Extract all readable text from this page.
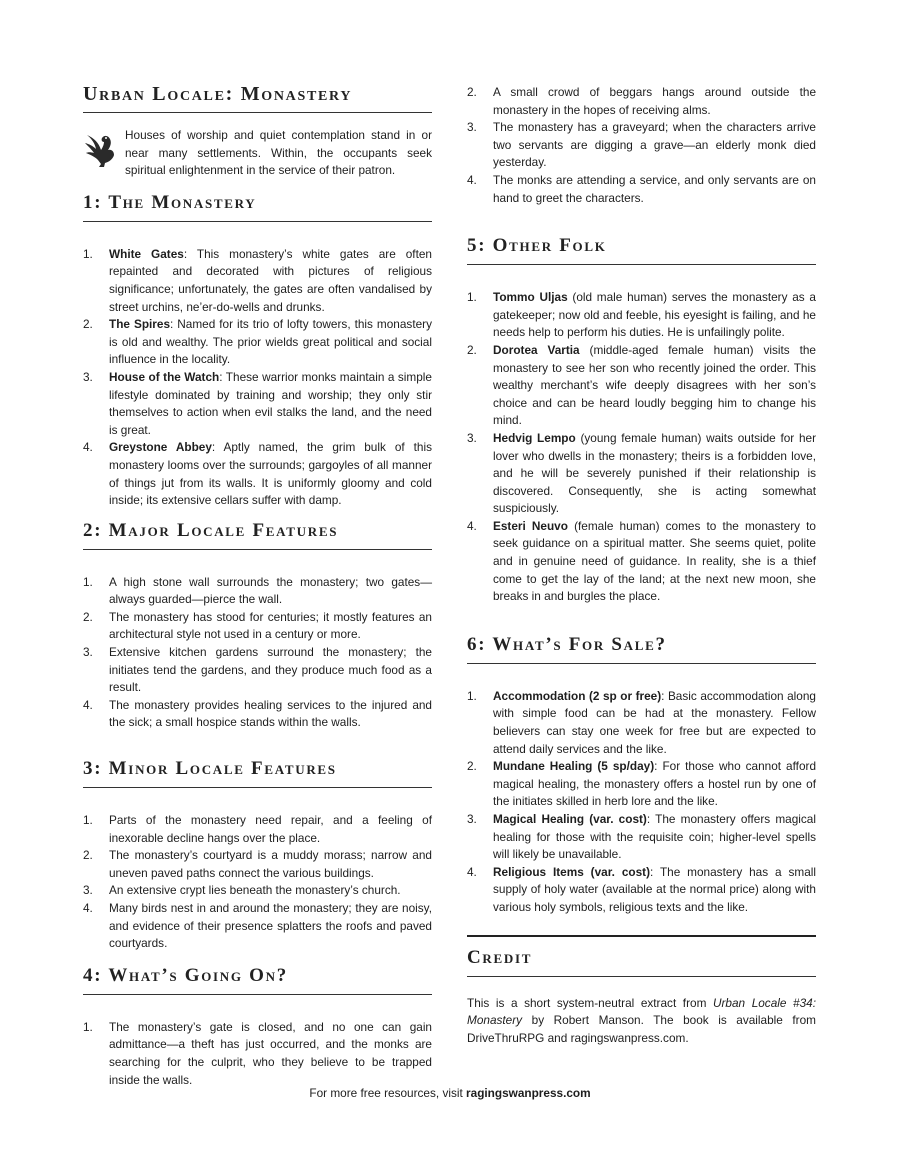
Urban Locale: Monastery

Houses of worship and quiet contemplation stand in or near many settlements. Within, the occupants seek spiritual enlightenment in the service of their patron.

1: The Monastery
1. White Gates: This monastery’s white gates are often repainted and decorated with pictures of religious significance; unfortunately, the gates are often vandalised by street urchins, ne’er-do-wells and drunks.
2. The Spires: Named for its trio of lofty towers, this monastery is old and wealthy. The prior wields great political and social influence in the locality.
3. House of the Watch: These warrior monks maintain a simple lifestyle dominated by training and worship; they only stir themselves to action when evil stalks the land, and the need is great.
4. Greystone Abbey: Aptly named, the grim bulk of this monastery looms over the surrounds; gargoyles of all manner of things jut from its walls. It is uniformly gloomy and cold inside; its extensive cellars suffer with damp.
2: Major Locale Features
1. A high stone wall surrounds the monastery; two gates—always guarded—pierce the wall.
2. The monastery has stood for centuries; it mostly features an architectural style not used in a century or more.
3. Extensive kitchen gardens surround the monastery; the initiates tend the gardens, and they produce much food as a result.
4. The monastery provides healing services to the injured and the sick; a small hospice stands within the walls.
3: Minor Locale Features
1. Parts of the monastery need repair, and a feeling of inexorable decline hangs over the place.
2. The monastery’s courtyard is a muddy morass; narrow and uneven paved paths connect the various buildings.
3. An extensive crypt lies beneath the monastery’s church.
4. Many birds nest in and around the monastery; they are noisy, and evidence of their presence splatters the roofs and paved courtyards.
4: What’s Going On?
1. The monastery’s gate is closed, and no one can gain admittance—a theft has just occurred, and the monks are searching for the culprit, who they believe to be trapped inside the walls.
2. A small crowd of beggars hangs around outside the monastery in the hopes of receiving alms.
3. The monastery has a graveyard; when the characters arrive two servants are digging a grave—an elderly monk died yesterday.
4. The monks are attending a service, and only servants are on hand to greet the characters.
5: Other Folk
1. Tommo Uljas (old male human) serves the monastery as a gatekeeper; now old and feeble, his eyesight is failing, and he needs help to perform his duties. He is unfailingly polite.
2. Dorotea Vartia (middle-aged female human) visits the monastery to see her son who recently joined the order. This wealthy merchant’s wife deeply disagrees with her son’s choice and can be heard loudly begging him to change his mind.
3. Hedvig Lempo (young female human) waits outside for her lover who dwells in the monastery; theirs is a forbidden love, and he will be severely punished if their relationship is discovered. Consequently, she is acting somewhat suspiciously.
4. Esteri Neuvo (female human) comes to the monastery to seek guidance on a spiritual matter. She seems quiet, polite and in genuine need of guidance. In reality, she is a thief come to get the lay of the land; at the next new moon, she breaks in and burgles the place.
6: What’s For Sale?
1. Accommodation (2 sp or free): Basic accommodation along with simple food can be had at the monastery. Fellow believers can stay one week for free but are expected to attend daily services and the like.
2. Mundane Healing (5 sp/day): For those who cannot afford magical healing, the monastery offers a hostel run by one of the initiates skilled in herb lore and the like.
3. Magical Healing (var. cost): The monastery offers magical healing for those with the requisite coin; higher-level spells will likely be unavailable.
4. Religious Items (var. cost): The monastery has a small supply of holy water (available at the normal price) along with various holy symbols, religious texts and the like.
Credit

This is a short system-neutral extract from Urban Locale #34: Monastery by Robert Manson. The book is available from DriveThruRPG and ragingswanpress.com.

For more free resources, visit ragingswanpress.com
